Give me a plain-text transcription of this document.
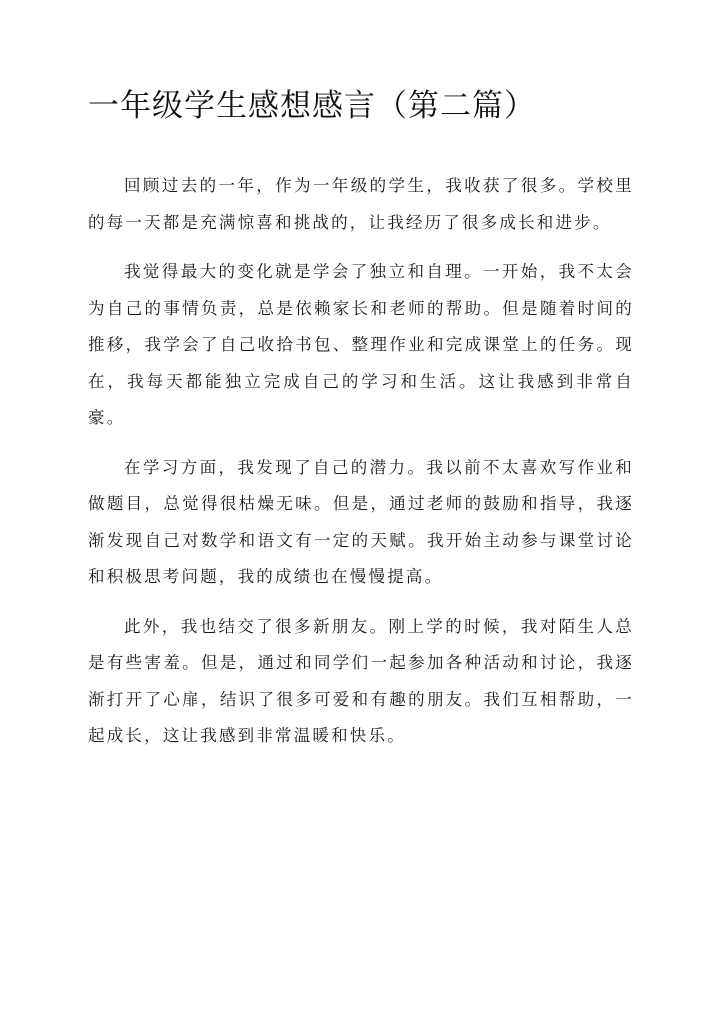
一年级学生感想感言（第二篇）

回顾过去的一年，作为一年级的学生，我收获了很多。学校里的每一天都是充满惊喜和挑战的，让我经历了很多成长和进步。

我觉得最大的变化就是学会了独立和自理。一开始，我不太会为自己的事情负责，总是依赖家长和老师的帮助。但是随着时间的推移，我学会了自己收拾书包、整理作业和完成课堂上的任务。现在，我每天都能独立完成自己的学习和生活。这让我感到非常自豪。

在学习方面，我发现了自己的潜力。我以前不太喜欢写作业和做题目，总觉得很枯燥无味。但是，通过老师的鼓励和指导，我逐渐发现自己对数学和语文有一定的天赋。我开始主动参与课堂讨论和积极思考问题，我的成绩也在慢慢提高。

此外，我也结交了很多新朋友。刚上学的时候，我对陌生人总是有些害羞。但是，通过和同学们一起参加各种活动和讨论，我逐渐打开了心扉，结识了很多可爱和有趣的朋友。我们互相帮助，一起成长，这让我感到非常温暖和快乐。
